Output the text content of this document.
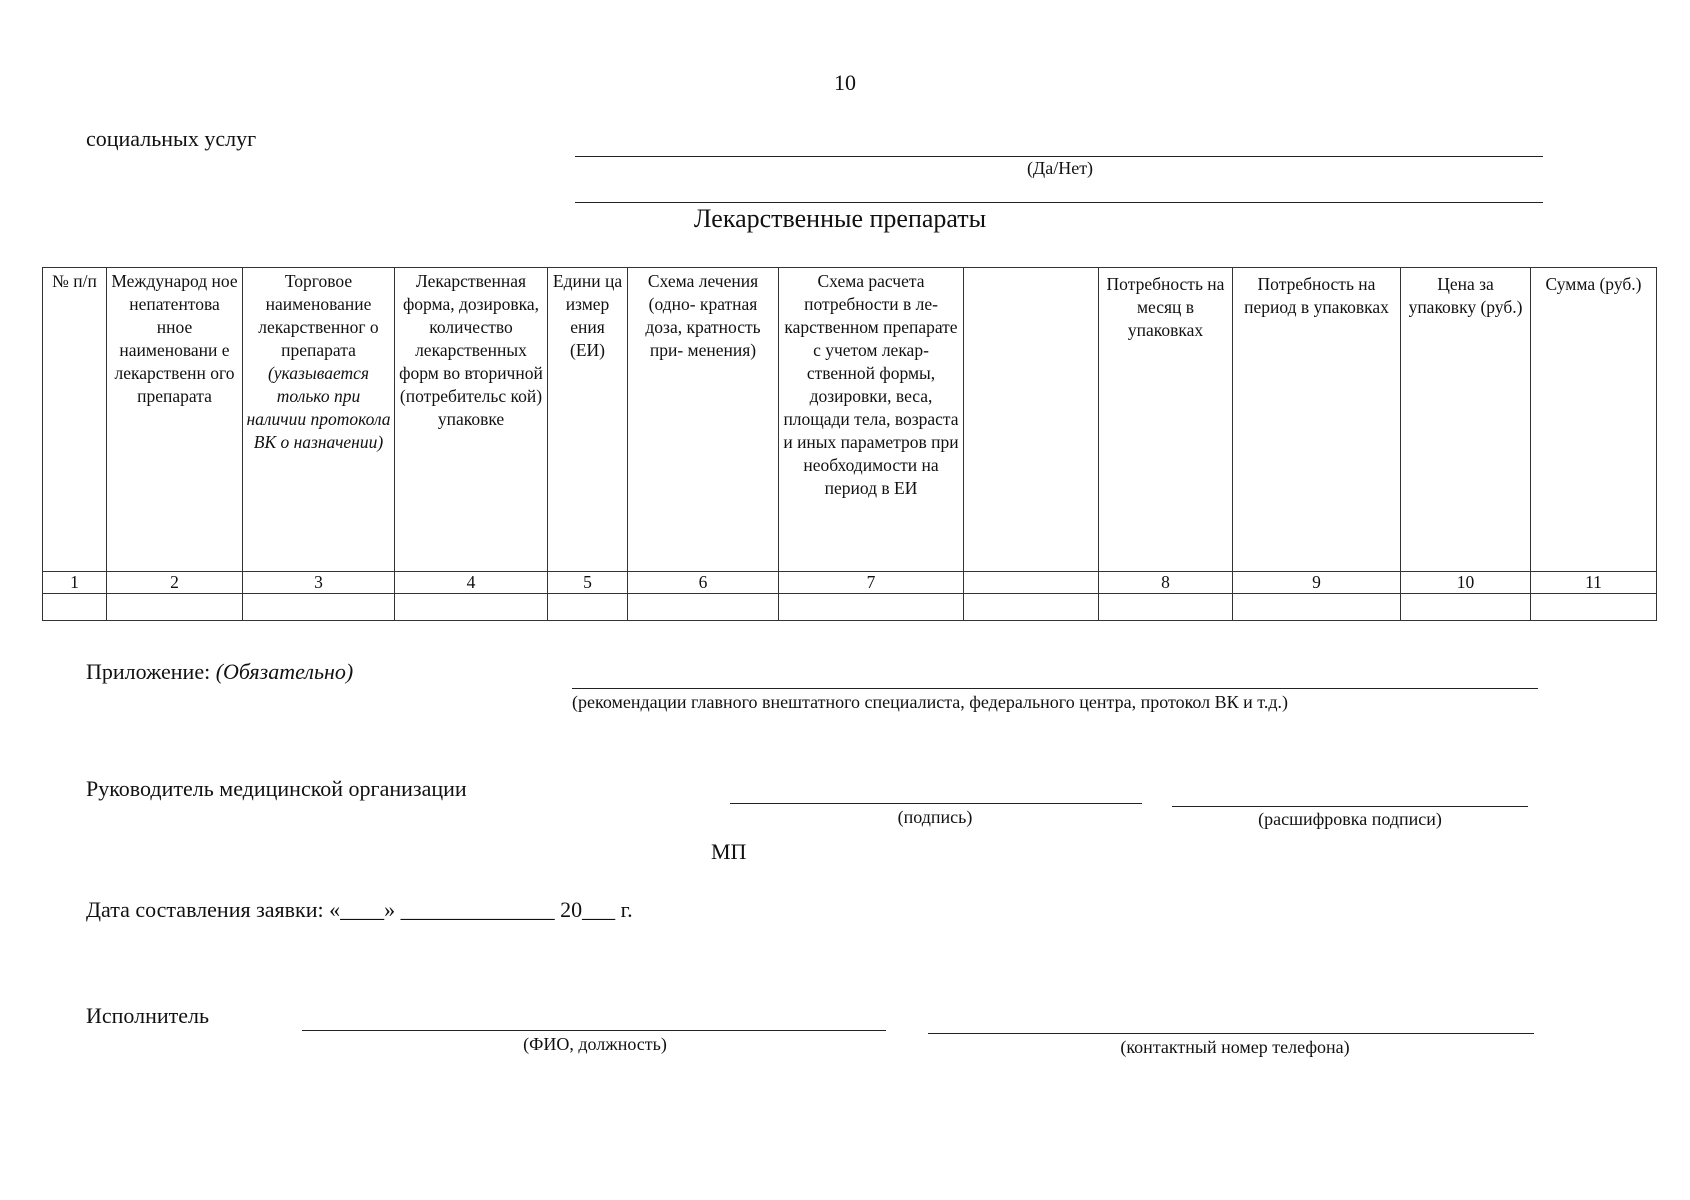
10
социальных услуг
(Да/Нет)
Лекарственные препараты
№ п/п	Международ ное непатентова нное наименовани е лекарственн ого препарата	Торговое наименование лекарственног о препарата (указывается только при наличии протокола ВК о назначении)	Лекарственная форма, дозировка, количество лекарственных форм во вторичной (потребительс кой) упаковке	Едини ца измер ения (ЕИ)	Схема лечения (одно- кратная доза, кратность при- менения)	Схема расчета потребности в ле- карственном препарате с учетом лекар- ственной формы, дозировки, веса, площади тела, возраста и иных параметров при необходимости на период в ЕИ		Потребность на месяц в упаковках	Потребность на период в упаковках	Цена за упаковку (руб.)	Сумма (руб.)
1	2	3	4	5	6	7		8	9	10	11

Приложение: (Обязательно)
(рекомендации главного внештатного специалиста, федерального центра, протокол ВК и т.д.)
Руководитель медицинской организации
(подпись)	(расшифровка подписи)
МП
Дата составления заявки: «____» ______________ 20___ г.
Исполнитель
(ФИО, должность)	(контактный номер телефона)
